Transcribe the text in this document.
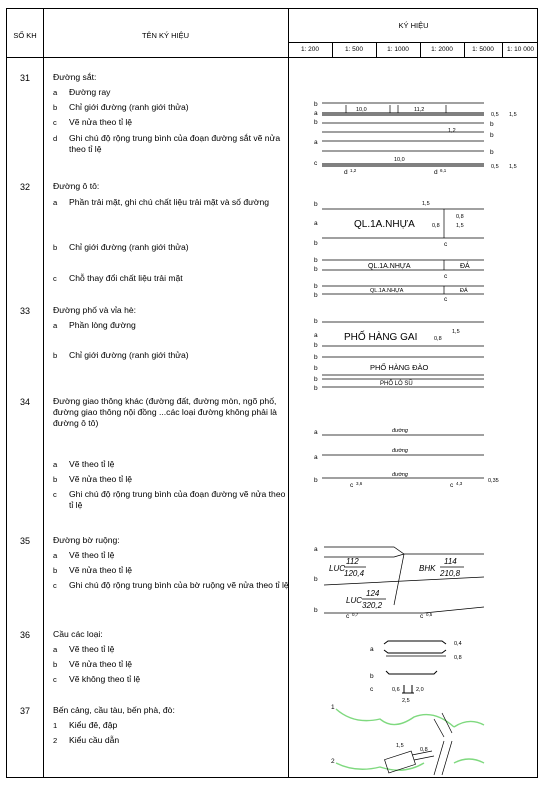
SỐ KH	TÊN KÝ HIỆU
KÝ HIỆU
1: 200	1: 500	1: 1000	1: 2000	1: 5000	1: 10 000
31	Đường sắt:
a	Đường ray
b	Chỉ giới đường (ranh giới thửa)
c	Vẽ nửa theo tỉ lệ
d	Ghi chú độ rộng trung bình của đoạn đường sắt vẽ nửa theo tỉ lệ
32	Đường ô tô:
a	Phần trải mặt, ghi chú chất liệu trải mặt và số đường
b	Chỉ giới đường (ranh giới thửa)
c	Chỗ thay đổi chất liệu trải mặt
33	Đường phố và vỉa hè:
a	Phần lòng đường
b	Chỉ giới đường (ranh giới thửa)
34	Đường giao thông khác (đường đất, đường mòn, ngõ phố, đường giao thông nội đồng ...các loại đường không phải là đường ô tô)
a	Vẽ theo tỉ lệ
b	Vẽ nửa theo tỉ lệ
c	Ghi chú độ rộng trung bình của đoạn đường vẽ nửa theo tỉ lệ
35	Đường bờ ruộng:
a	Vẽ theo tỉ lệ
b	Vẽ nửa theo tỉ lệ
c	Ghi chú độ rộng trung bình của bờ ruộng vẽ nửa theo tỉ lệ
36	Cầu các loại:
a	Vẽ theo tỉ lệ
b	Vẽ nửa theo tỉ lệ
c	Vẽ không theo tỉ lệ
37	Bến cảng, cầu tàu, bến phà, đò:
1	Kiểu đê, đập
2	Kiểu cầu dẫn
b
a
b
10,0	11,2
1,2
10,0
0,5 1,5
0,5 1,5
a
c
b
b
b
d 1,2	d 6,1
b
a
b
QL.1A.NHỰA
1,5
0,8
0,8
1,5
c
b
b	QL.1A.NHỰA	ĐÁ
c
b
b
QL.1A.NHỰA	ĐÁ
c
b
a
b
PHỐ HÀNG GAI	0,8
1,5
b
b
b
b
PHỐ HÀNG ĐÀO
PHỐ LÒ SŨ
a	đường
đường
a
đường
b	0,35
c 3,6	c 4,3
a
b
LUC
112
120,4
BHK
114
210,8
LUC
124
320,2
b
c 0,7	c 0,5
a
0,4
0,8
b
c	0,6	2,0
2,5
1
2
1,5
0,8
